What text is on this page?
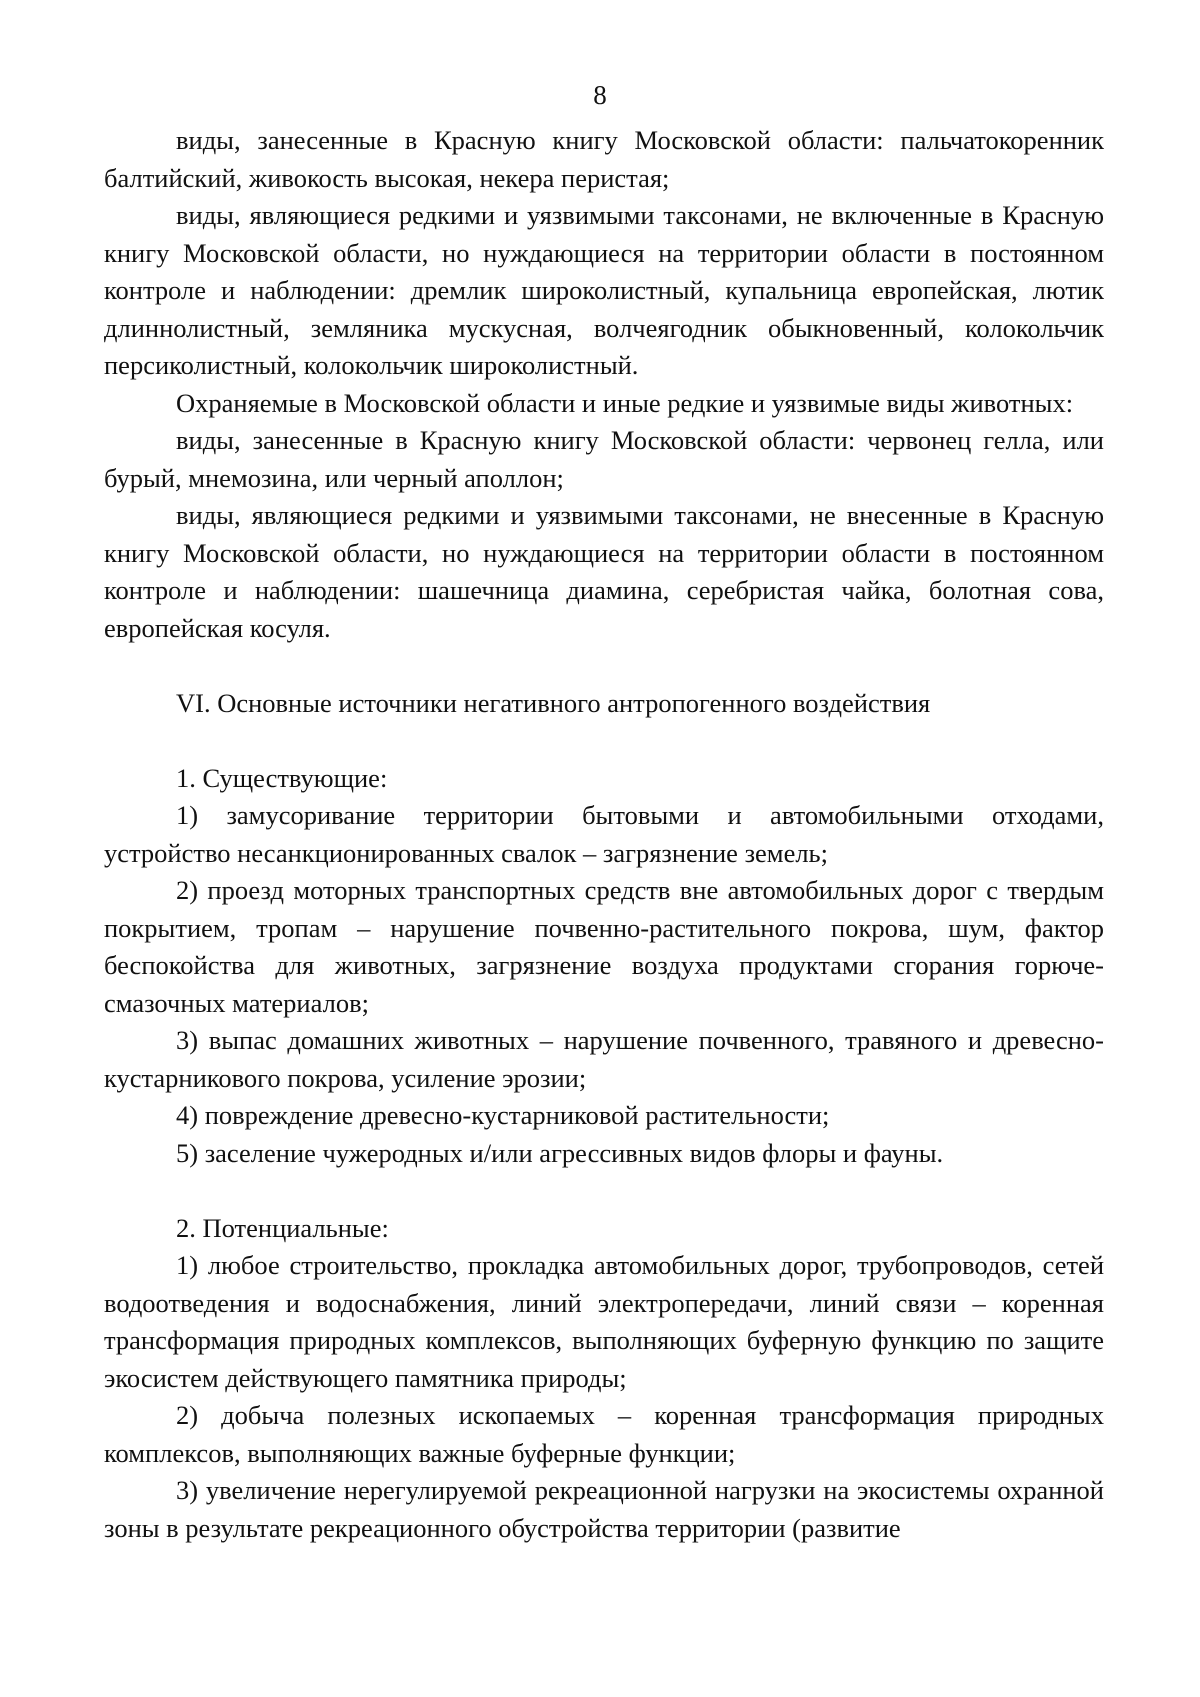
8

виды, занесенные в Красную книгу Московской области: пальчатокоренник балтийский, живокость высокая, некера перистая;

виды, являющиеся редкими и уязвимыми таксонами, не включенные в Красную книгу Московской области, но нуждающиеся на территории области в постоянном контроле и наблюдении: дремлик широколистный, купальница европейская, лютик длиннолистный, земляника мускусная, волчеягодник обыкновенный, колокольчик персиколистный, колокольчик широколистный.

Охраняемые в Московской области и иные редкие и уязвимые виды животных:

виды, занесенные в Красную книгу Московской области: червонец гелла, или бурый, мнемозина, или черный аполлон;

виды, являющиеся редкими и уязвимыми таксонами, не внесенные в Красную книгу Московской области, но нуждающиеся на территории области в постоянном контроле и наблюдении: шашечница диамина, серебристая чайка, болотная сова, европейская косуля.

VI. Основные источники негативного антропогенного воздействия

1. Существующие:

1) замусоривание территории бытовыми и автомобильными отходами, устройство несанкционированных свалок – загрязнение земель;

2) проезд моторных транспортных средств вне автомобильных дорог с твердым покрытием, тропам – нарушение почвенно-растительного покрова, шум, фактор беспокойства для животных, загрязнение воздуха продуктами сгорания горюче-смазочных материалов;

3) выпас домашних животных – нарушение почвенного, травяного и древесно-кустарникового покрова, усиление эрозии;

4) повреждение древесно-кустарниковой растительности;

5) заселение чужеродных и/или агрессивных видов флоры и фауны.

2. Потенциальные:

1) любое строительство, прокладка автомобильных дорог, трубопроводов, сетей водоотведения и водоснабжения, линий электропередачи, линий связи – коренная трансформация природных комплексов, выполняющих буферную функцию по защите экосистем действующего памятника природы;

2) добыча полезных ископаемых – коренная трансформация природных комплексов, выполняющих важные буферные функции;

3) увеличение нерегулируемой рекреационной нагрузки на экосистемы охранной зоны в результате рекреационного обустройства территории (развитие
